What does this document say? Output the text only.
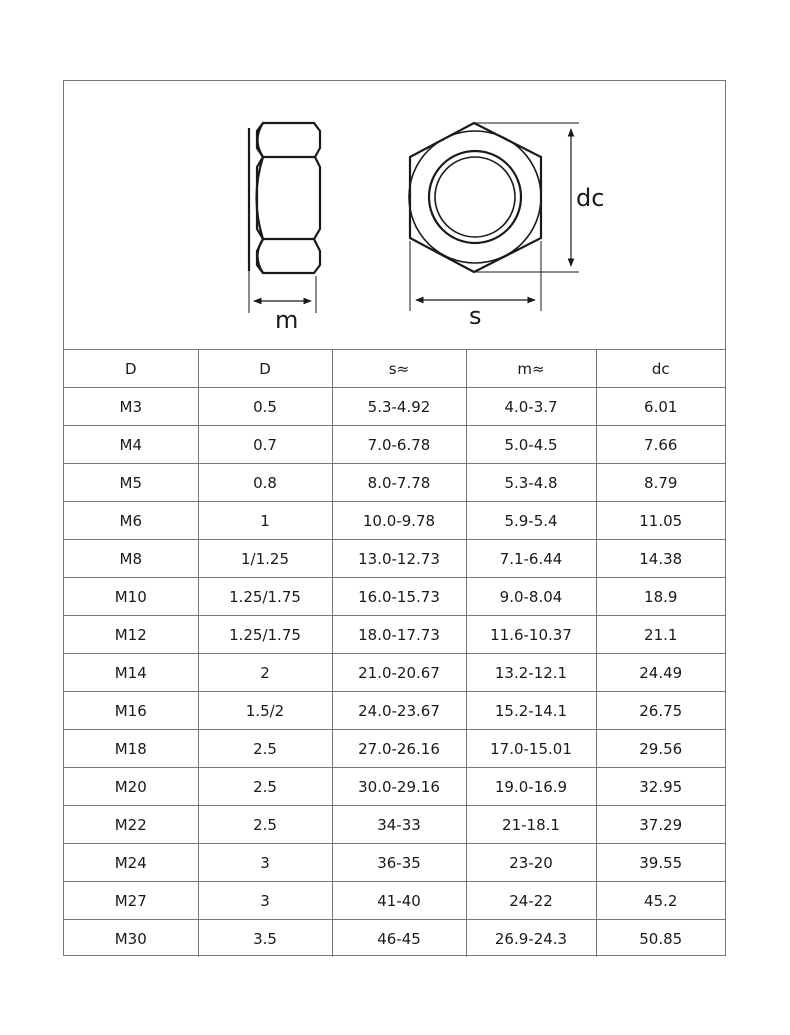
m	s
dc
D	D	s≈	m≈	dc
M3	0.5	5.3-4.92	4.0-3.7	6.01
M4	0.7	7.0-6.78	5.0-4.5	7.66
M5	0.8	8.0-7.78	5.3-4.8	8.79
M6	1	10.0-9.78	5.9-5.4	11.05
M8	1/1.25	13.0-12.73	7.1-6.44	14.38
M10	1.25/1.75	16.0-15.73	9.0-8.04	18.9
M12	1.25/1.75	18.0-17.73	11.6-10.37	21.1
M14	2	21.0-20.67	13.2-12.1	24.49
M16	1.5/2	24.0-23.67	15.2-14.1	26.75
M18	2.5	27.0-26.16	17.0-15.01	29.56
M20	2.5	30.0-29.16	19.0-16.9	32.95
M22	2.5	34-33	21-18.1	37.29
M24	3	36-35	23-20	39.55
M27	3	41-40	24-22	45.2
M30	3.5	46-45	26.9-24.3	50.85
